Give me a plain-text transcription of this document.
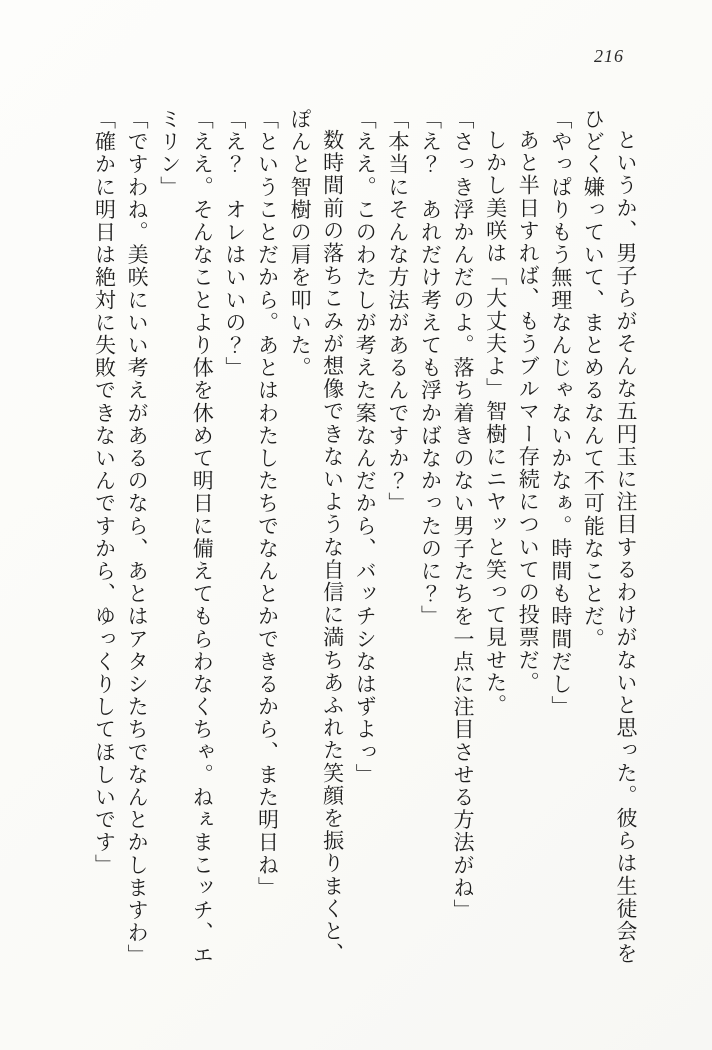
216

というか、男子らがそんな五円玉に注目するわけがないと思った。彼らは生徒会をひどく嫌っていて、まとめるなんて不可能なことだ。

「やっぱりもう無理なんじゃないかなぁ。時間も時間だし」

あと半日すれば、もうブルマー存続についての投票だ。

しかし美咲は「大丈夫よ」智樹にニヤッと笑って見せた。

「さっき浮かんだのよ。落ち着きのない男子たちを一点に注目させる方法がね」

「え？　あれだけ考えても浮かばなかったのに？」

「本当にそんな方法があるんですか？」

「ええ。このわたしが考えた案なんだから、バッチシなはずよっ」

数時間前の落ちこみが想像できないような自信に満ちあふれた笑顔を振りまくと、ぽんと智樹の肩を叩いた。

「ということだから。あとはわたしたちでなんとかできるから、また明日ね」

「え？　オレはいいの？」

「ええ。そんなことより体を休めて明日に備えてもらわなくちゃ。ねぇまこッチ、エミリン」

「ですわね。美咲にいい考えがあるのなら、あとはアタシたちでなんとかしますわ」

「確かに明日は絶対に失敗できないんですから、ゆっくりしてほしいです」
